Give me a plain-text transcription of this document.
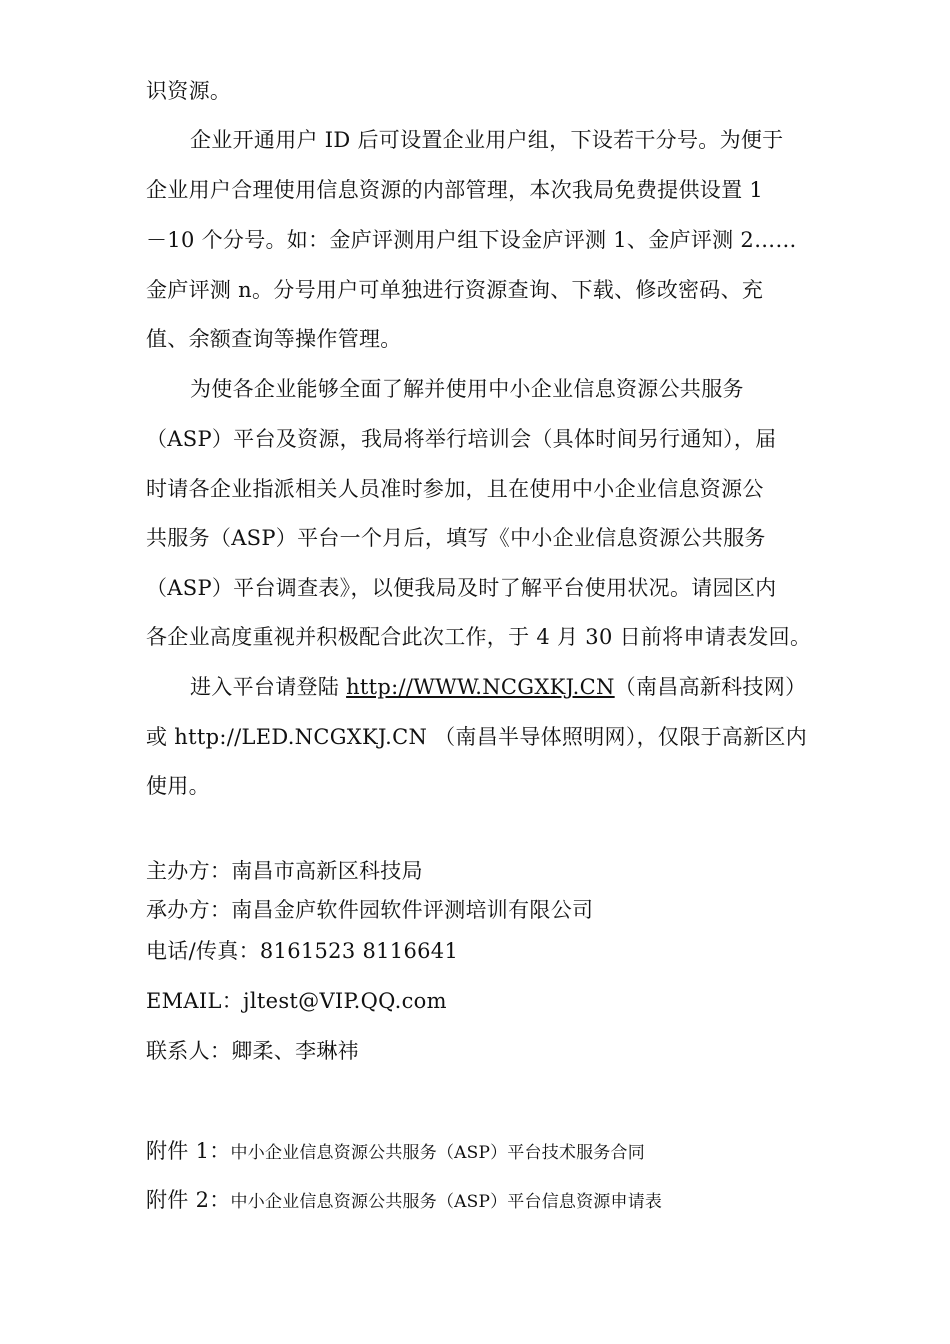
识资源。
企业开通用户 ID 后可设置企业用户组，下设若干分号。为便于
企业用户合理使用信息资源的内部管理，本次我局免费提供设置 1
－10 个分号。如：金庐评测用户组下设金庐评测 1、金庐评测 2……
金庐评测 n。分号用户可单独进行资源查询、下载、修改密码、充
值、余额查询等操作管理。
为使各企业能够全面了解并使用中小企业信息资源公共服务
（ASP）平台及资源，我局将举行培训会（具体时间另行通知），届
时请各企业指派相关人员准时参加，且在使用中小企业信息资源公
共服务（ASP）平台一个月后，填写《中小企业信息资源公共服务
（ASP）平台调查表》，以便我局及时了解平台使用状况。请园区内
各企业高度重视并积极配合此次工作，于 4 月 30 日前将申请表发回。
进入平台请登陆 http://WWW.NCGXKJ.CN（南昌高新科技网）
或 http://LED.NCGXKJ.CN （南昌半导体照明网），仅限于高新区内
使用。
主办方：南昌市高新区科技局
承办方：南昌金庐软件园软件评测培训有限公司
电话/传真：8161523 8116641
EMAIL：jltest@VIP.QQ.com
联系人：卿柔、李琳祎
附件 1：中小企业信息资源公共服务（ASP）平台技术服务合同
附件 2：中小企业信息资源公共服务（ASP）平台信息资源申请表
